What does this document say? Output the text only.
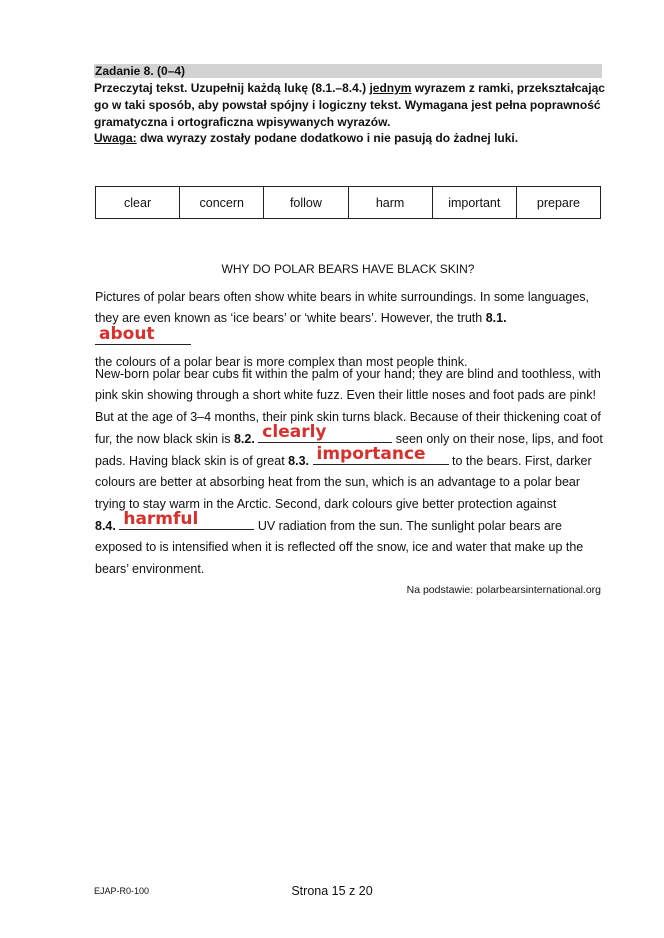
Zadanie 8. (0–4)
Przeczytaj tekst. Uzupełnij każdą lukę (8.1.–8.4.) jednym wyrazem z ramki, przekształcając go w taki sposób, aby powstał spójny i logiczny tekst. Wymagana jest pełna poprawność gramatyczna i ortograficzna wpisywanych wyrazów.
Uwaga: dwa wyrazy zostały podane dodatkowo i nie pasują do żadnej luki.
clear	concern	follow	harm	important	prepare
WHY DO POLAR BEARS HAVE BLACK SKIN?
Pictures of polar bears often show white bears in white surroundings. In some languages, they are even known as ‘ice bears’ or ‘white bears’. However, the truth 8.1.
about

the colours of a polar bear is more complex than most people think.
New-born polar bear cubs fit within the palm of your hand; they are blind and toothless, with pink skin showing through a short white fuzz. Even their little noses and foot pads are pink! But at the age of 3–4 months, their pink skin turns black. Because of their thickening coat of fur, the now black skin is 8.2. clearly	seen only on their nose, lips, and foot pads. Having black skin is of great 8.3. importance to the bears. First, darker colours are better at absorbing heat from the sun, which is an advantage to a polar bear trying to stay warm in the Arctic. Second, dark colours give better protection against
8.4. harmful	UV radiation from the sun. The sunlight polar bears are exposed to is intensified when it is reflected off the snow, ice and water that make up the bears’ environment.
Na podstawie: polarbearsinternational.org
EJAP-R0-100	Strona 15 z 20
